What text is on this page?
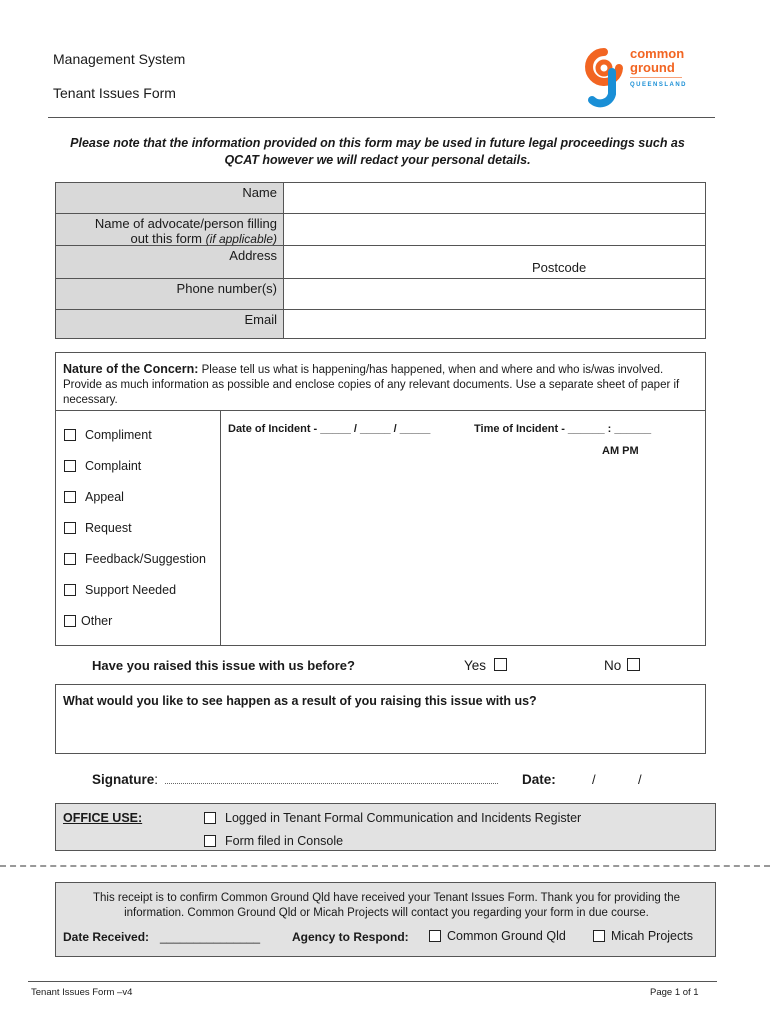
Management System
Tenant Issues Form
common
ground
QUEENSLAND
Please note that the information provided on this form may be used in future legal proceedings such as QCAT however we will redact your personal details.
Name
Name of advocate/person filling out this form (if applicable)
Address
Postcode
Phone number(s)
Email
Nature of the Concern: Please tell us what is happening/has happened, when and where and who is/was involved. Provide as much information as possible and enclose copies of any relevant documents. Use a separate sheet of paper if necessary.
Compliment
Complaint
Appeal
Request
Feedback/Suggestion
Support Needed
Other
Date of Incident - _____ / _____ / _____	Time of Incident - ______ : ______
AM PM
Have you raised this issue with us before?	Yes	No
What would you like to see happen as a result of you raising this issue with us?
Signature:	Date:	/	/
OFFICE USE:	Logged in Tenant Formal Communication and Incidents Register
Form filed in Console
This receipt is to confirm Common Ground Qld have received your Tenant Issues Form. Thank you for providing the information. Common Ground Qld or Micah Projects will contact you regarding your form in due course.
Date Received: _______________	Agency to Respond:	Common Ground Qld	Micah Projects
Tenant Issues Form –v4	Page 1 of 1
